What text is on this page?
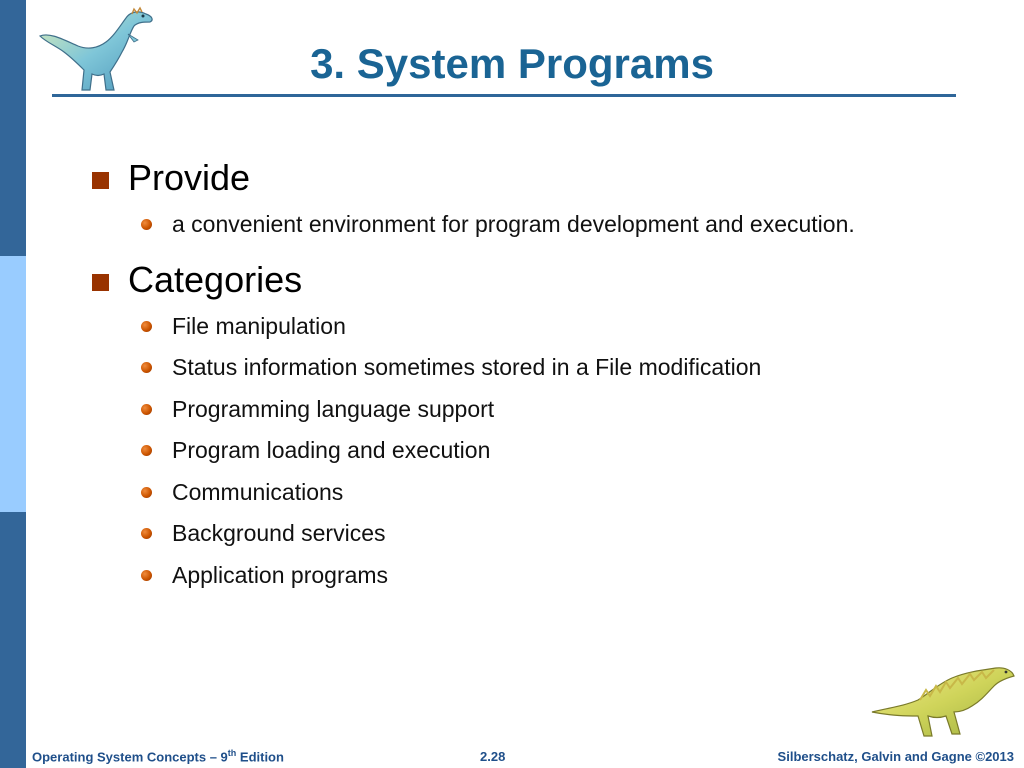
3. System Programs
Provide
a convenient environment for program development and execution.
Categories
File manipulation
Status information sometimes stored in a File modification
Programming language support
Program loading and execution
Communications
Background services
Application programs
Operating System Concepts – 9th Edition	2.28	Silberschatz, Galvin and Gagne ©2013
